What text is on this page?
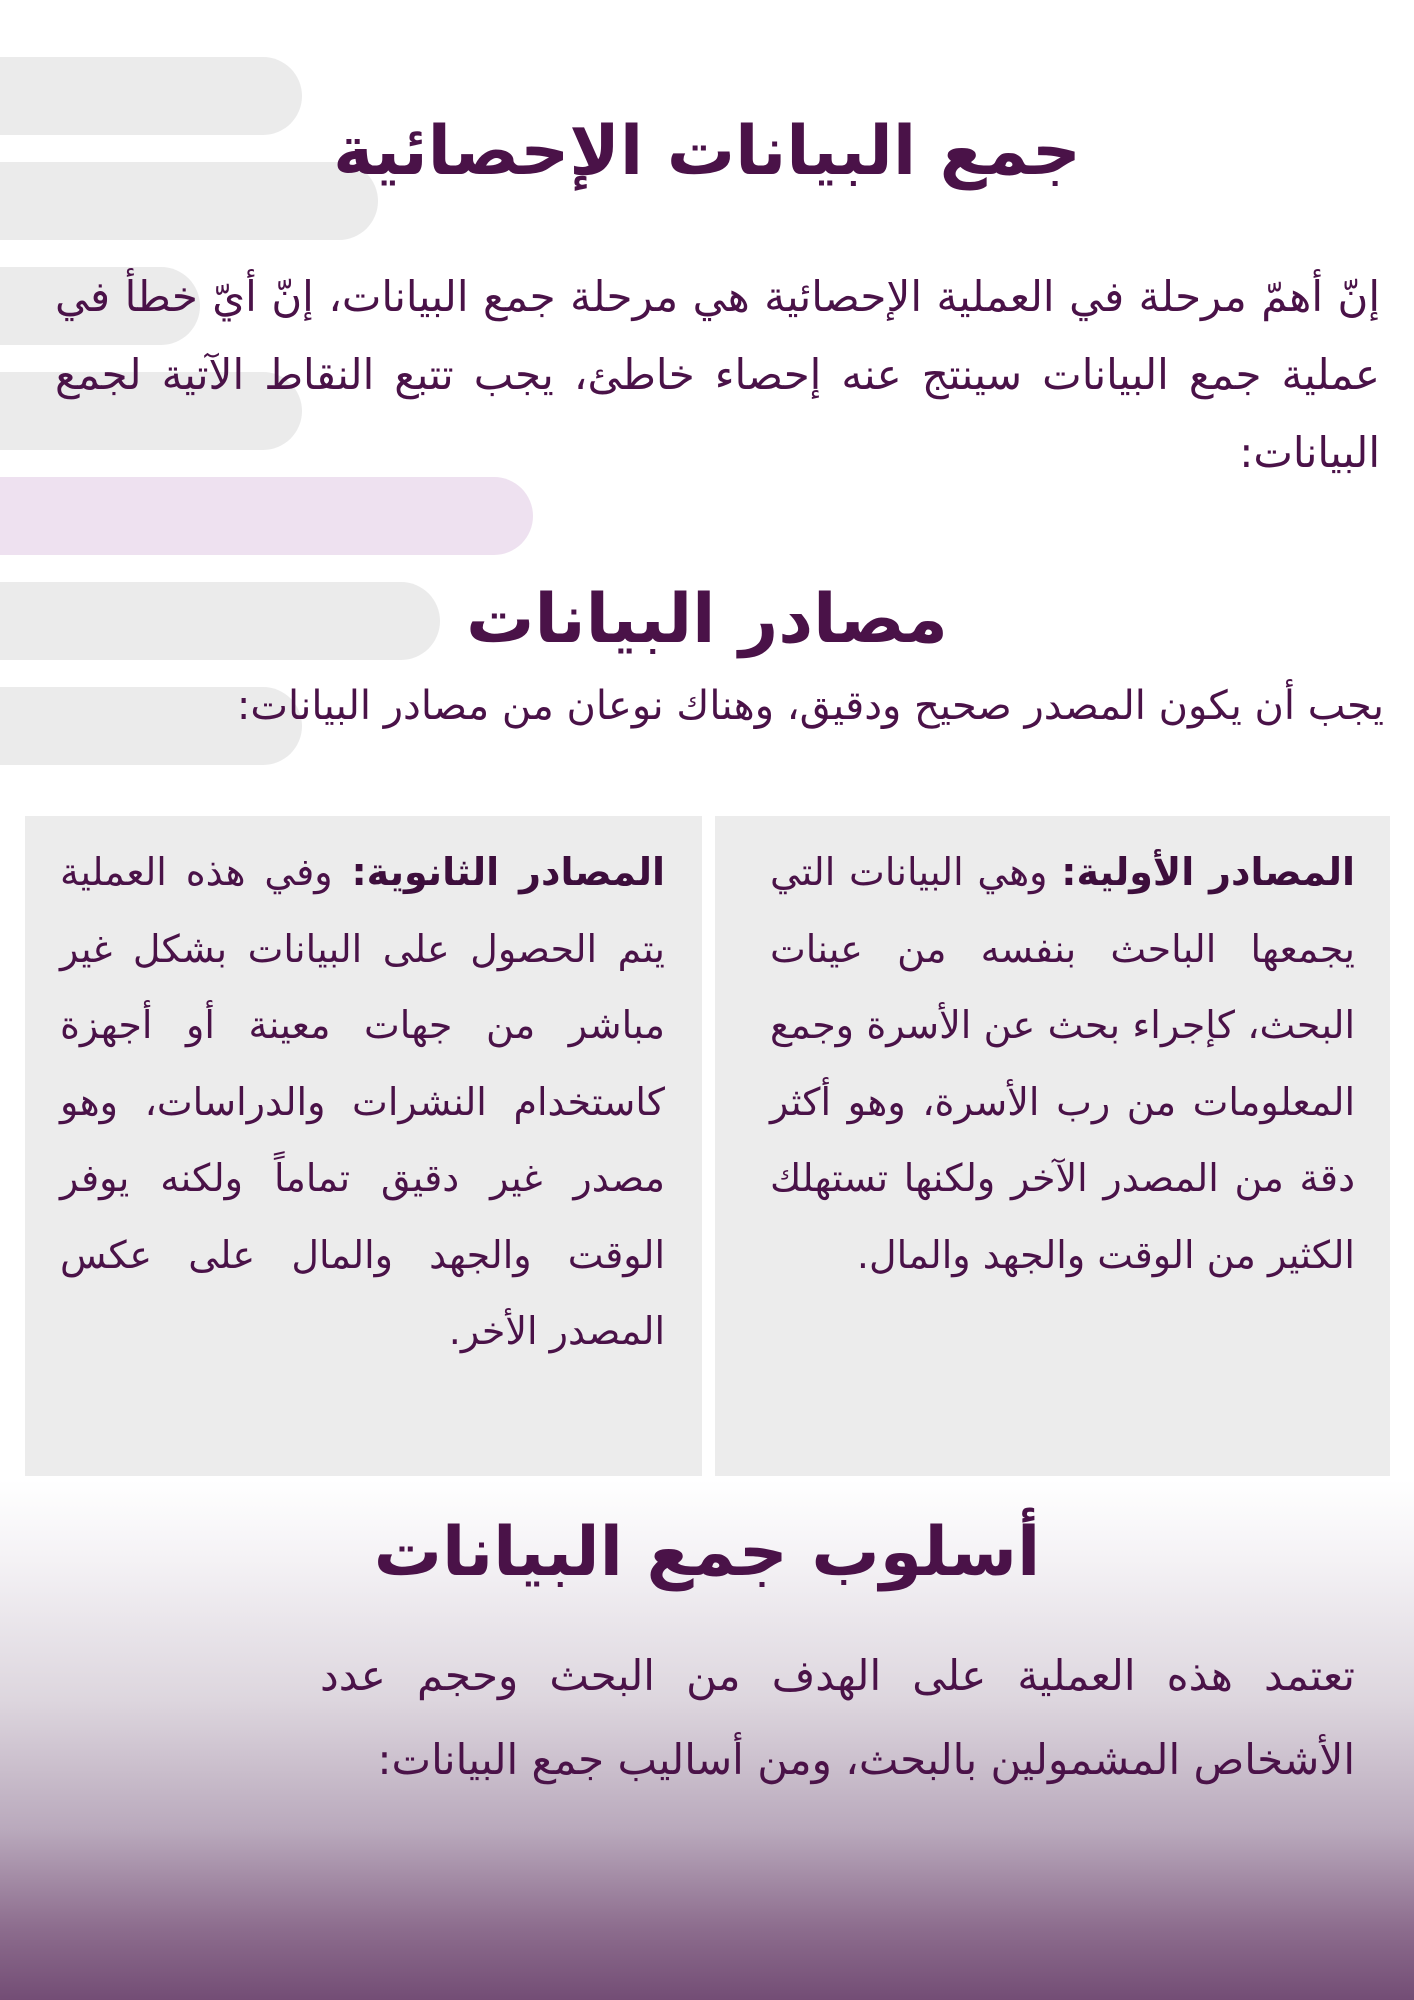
جمع البيانات الإحصائية

إنّ أهمّ مرحلة في العملية الإحصائية هي مرحلة جمع البيانات، إنّ أيّ خطأ في عملية جمع البيانات سينتج عنه إحصاء خاطئ، يجب تتبع النقاط الآتية لجمع البيانات:

مصادر البيانات

يجب أن يكون المصدر صحيح ودقيق، وهناك نوعان من مصادر البيانات:

المصادر الأولية: وهي البيانات التي يجمعها الباحث بنفسه من عينات البحث، كإجراء بحث عن الأسرة وجمع المعلومات من رب الأسرة، وهو أكثر دقة من المصدر الآخر ولكنها تستهلك الكثير من الوقت والجهد والمال.

المصادر الثانوية: وفي هذه العملية يتم الحصول على البيانات بشكل غير مباشر من جهات معينة أو أجهزة كاستخدام النشرات والدراسات، وهو مصدر غير دقيق تماماً ولكنه يوفر الوقت والجهد والمال على عكس المصدر الأخر.

أسلوب جمع البيانات

تعتمد هذه العملية على الهدف من البحث وحجم عدد الأشخاص المشمولين بالبحث، ومن أساليب جمع البيانات:
